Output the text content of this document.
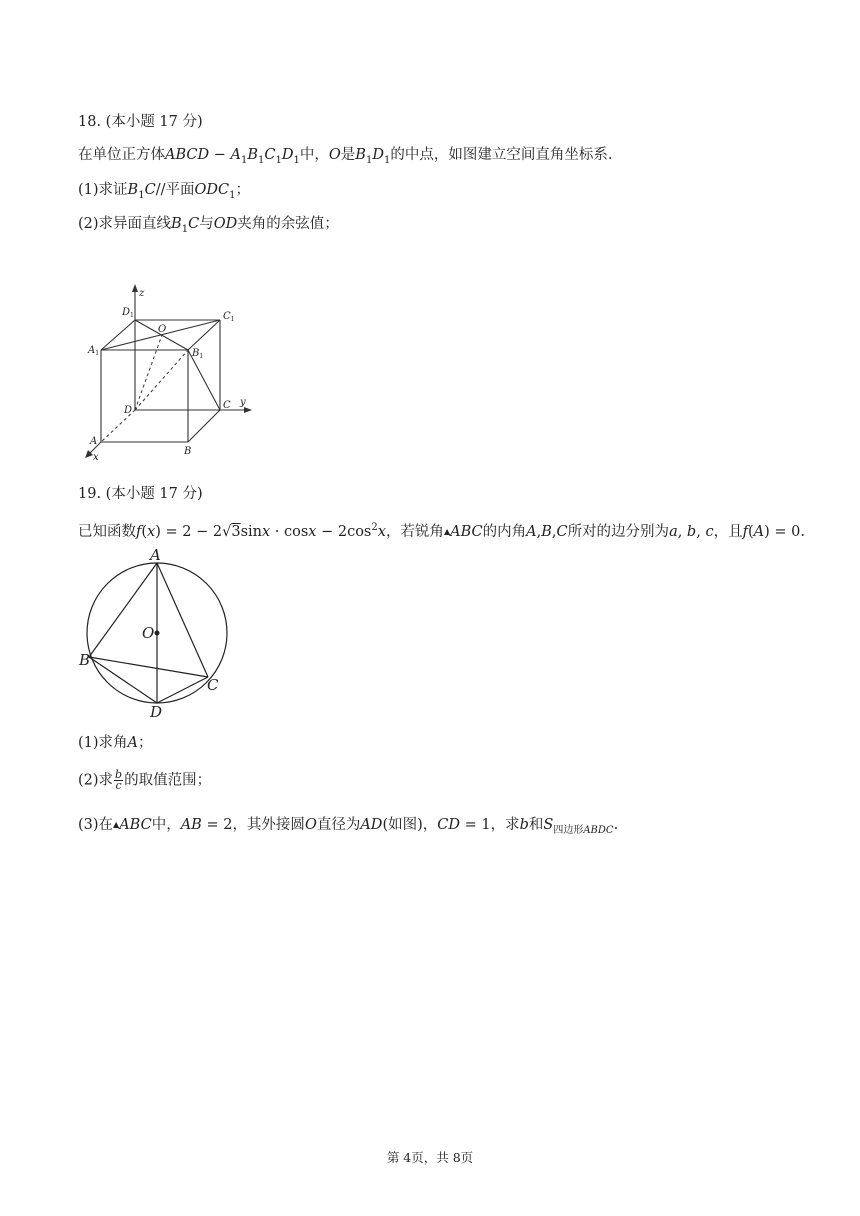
18. (本小题 17 分)
在单位正方体ABCD − $A_1B_1C_1D_1$中，O是$B_1D_1$的中点，如图建立空间直角坐标系.
(1)求证$B_1C//$平面$ODC_1$；
(2)求异面直线$B_1C$与OD夹角的余弦值；
z
y
x
$D_1$	$C_1$
$A_1$	$B_1$
O
D	C
A
B
19. (本小题 17 分)
已知函数$f(x) = 2 - 2√3\sin x \cdot \cos x - 2\cos^2x$，若锐角▲ABC的内角A,B,C所对的边分别为a, b, c，且f(A) = 0.
A
B
C
D
O
(1)求角A；
(2)求 $\frac{b}{c}$ 的取值范围；
(3)在▲ABC中，AB = 2，其外接圆O直径为AD(如图)，CD = 1，求b和$S_{四边形ABDC}$.
第 4页，共 8页
